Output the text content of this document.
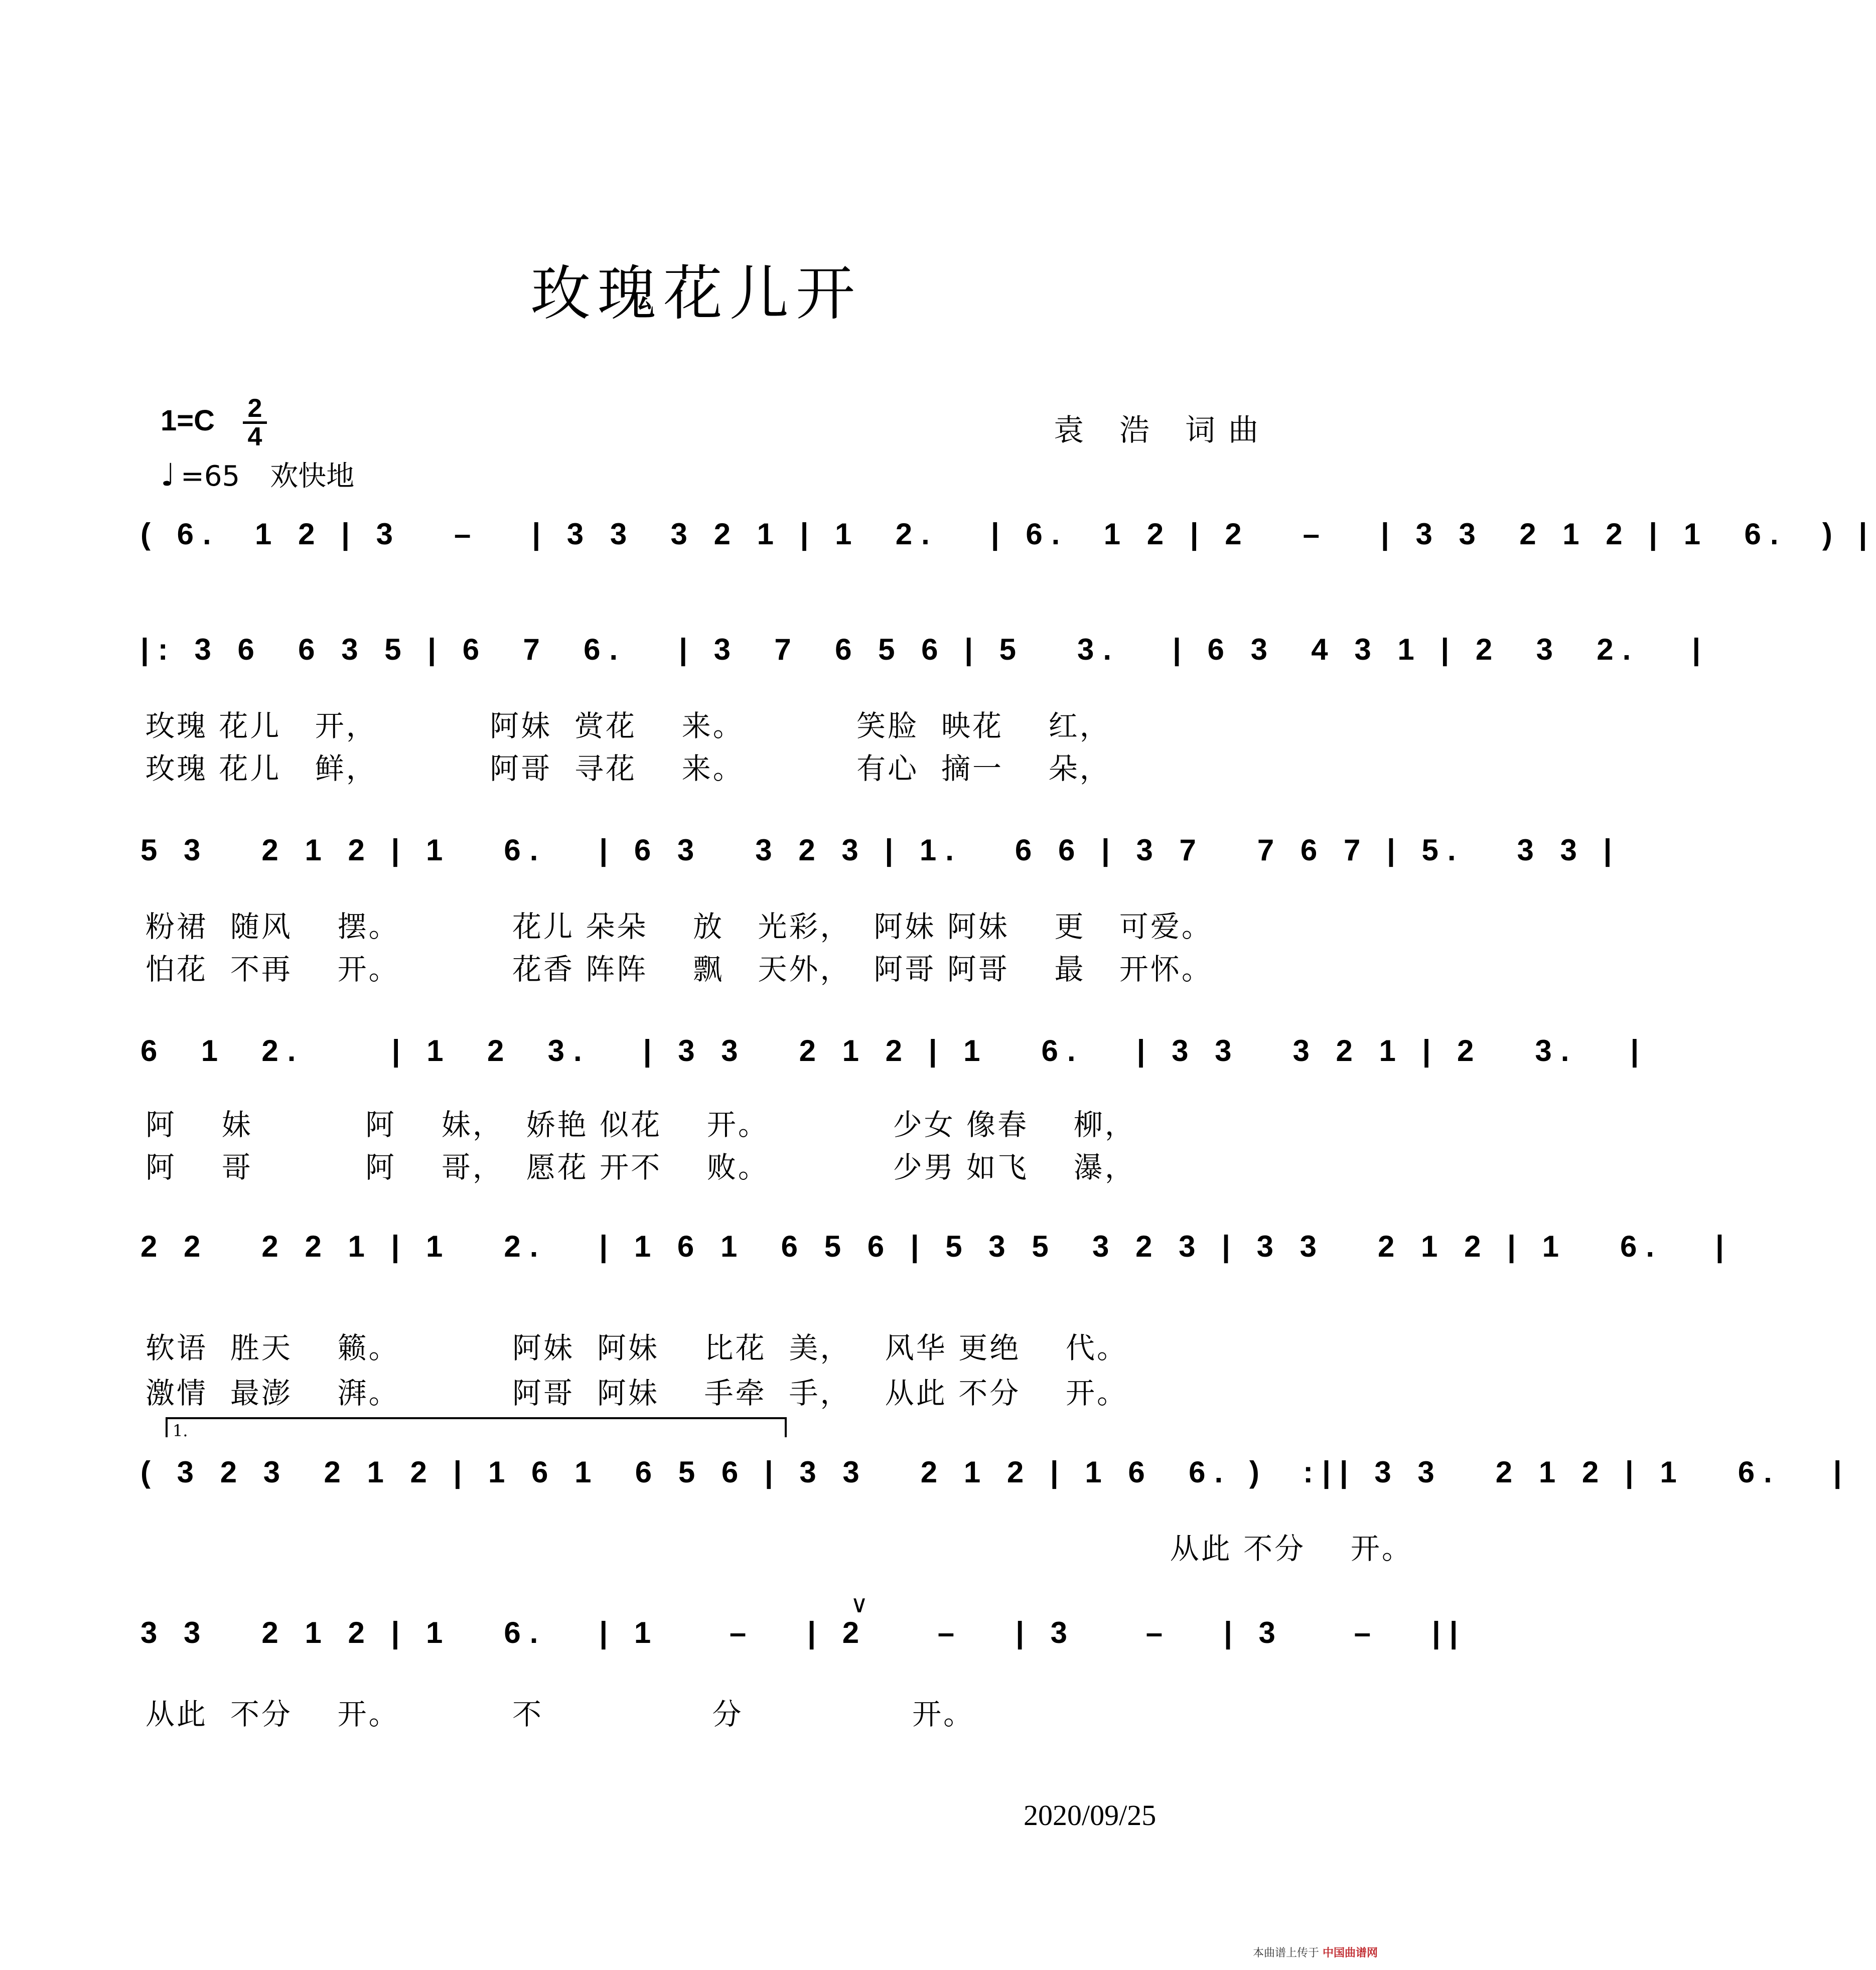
玫瑰花儿开
1=C 2
4
♩ =65 欢快地
袁 浩 词曲
( 6.  1 2 | 3   –   | 3 3  3 2 1 | 1  2.   | 6.  1 2 | 2   –   | 3 3  2 1 2 | 1  6.  ) |
|: 3 6  6 3 5 | 6  7  6.   | 3  7  6 5 6 | 5   3.   | 6 3  4 3 1 | 2  3  2.   |
玫瑰 花儿   开，          阿妹  赏花    来。          笑脸  映花    红，
玫瑰 花儿   鲜，          阿哥  寻花    来。          有心  摘一    朵，
5 3   2 1 2 | 1   6.   | 6 3   3 2 3 | 1.   6 6 | 3 7   7 6 7 | 5.   3 3 |
粉裙  随风    摆。          花儿 朵朵    放   光彩，  阿妹 阿妹    更   可爱。
怕花  不再    开。          花香 阵阵    飘   天外，  阿哥 阿哥    最   开怀。
6  1  2.     | 1  2  3.   | 3 3   2 1 2 | 1   6.   | 3 3   3 2 1 | 2   3.   |
阿    妹          阿    妹，  娇艳 似花    开。           少女 像春    柳，
阿    哥          阿    哥，  愿花 开不    败。           少男 如飞    瀑，
2 2   2 2 1 | 1   2.   | 1 6 1  6 5 6 | 5 3 5  3 2 3 | 3 3   2 1 2 | 1   6.   |
软语  胜天    籁。          阿妹  阿妹    比花  美，   风华 更绝    代。
激情  最澎    湃。          阿哥  阿妹    手牵  手，   从此 不分    开。
1.
( 3 2 3  2 1 2 | 1 6 1  6 5 6 | 3 3   2 1 2 | 1 6  6. )  :|| 3 3   2 1 2 | 1   6.   |
从此 不分    开。
∨
3 3   2 1 2 | 1   6.   | 1    –   | 2    –   | 3    –   | 3    –   ||
从此  不分    开。          不               分               开。
2020/09/25
本曲谱上传于 中国曲谱网
